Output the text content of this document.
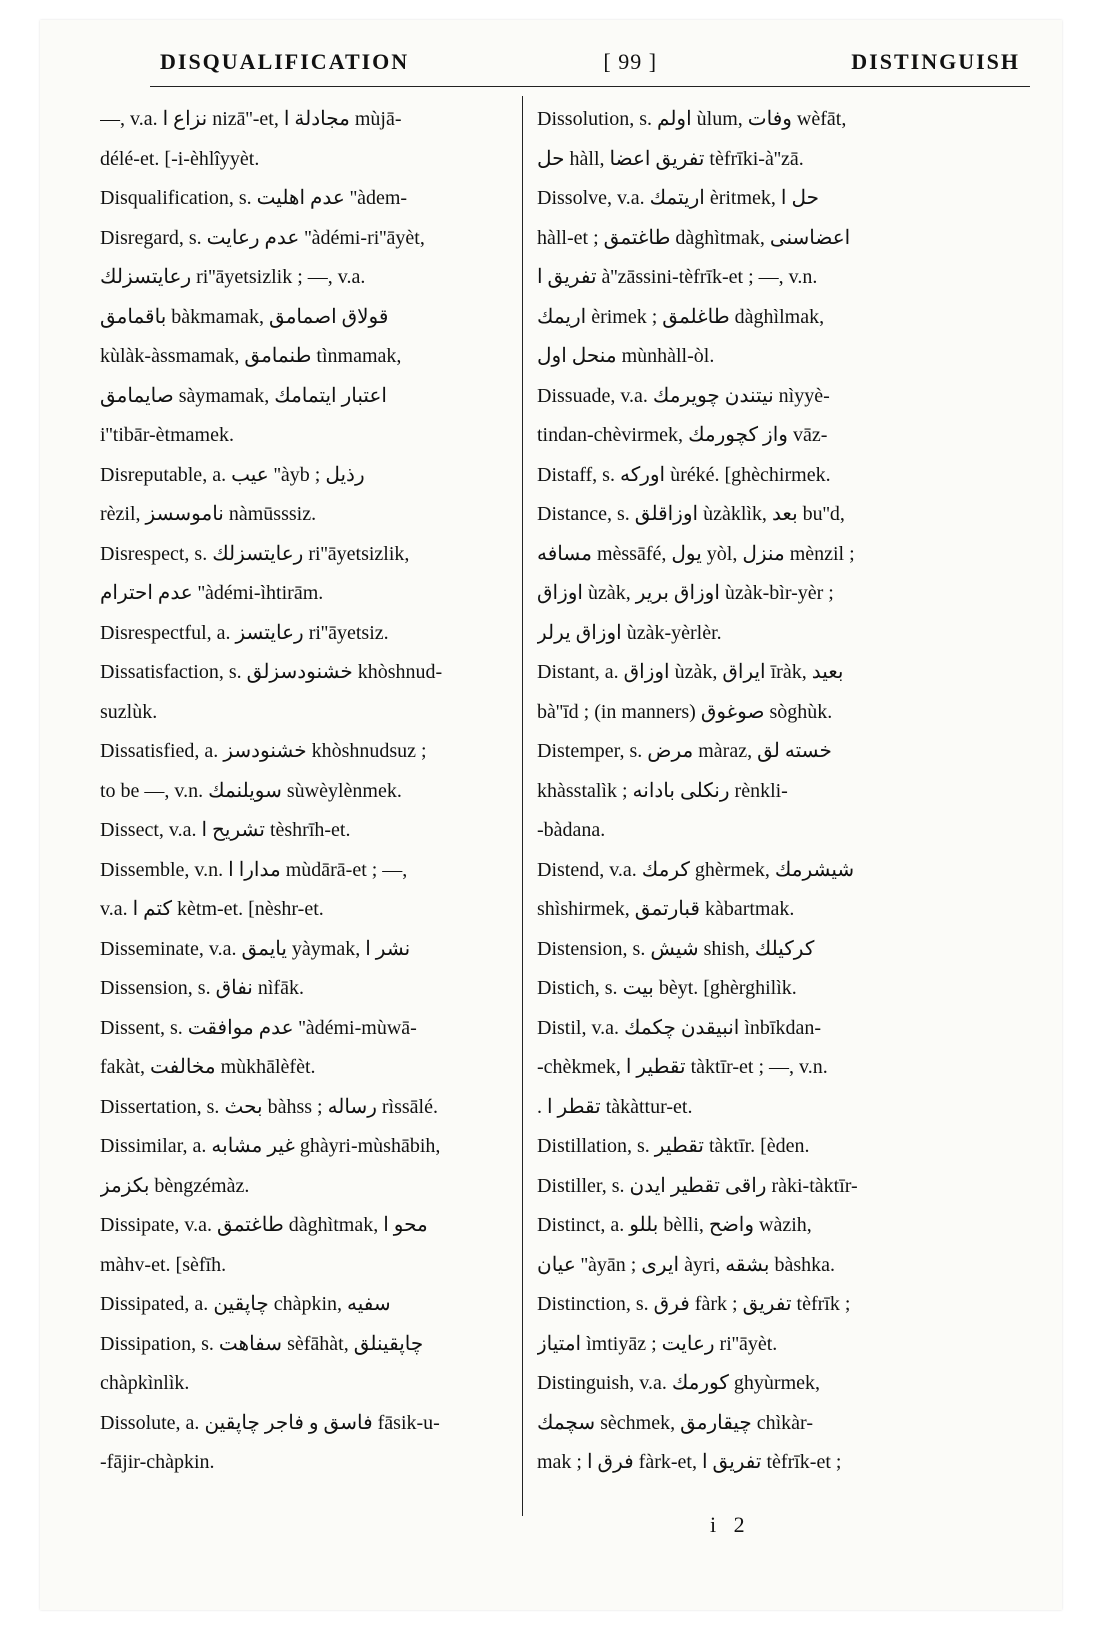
DISQUALIFICATION	[ 99 ]	DISTINGUISH
—, v.a. نزاع ا nizā''-et, مجادلة ا mùjā-
délé-et. [-i-èhlîyyèt.
Disqualification, s. عدم اهلیت ''àdem-
Disregard, s. عدم رعایت ''àdémi-ri''āyèt,
رعایتسزلك ri''āyetsizlik ; —, v.a.
باقمامق bàkmamak, قولاق اصمامق
kùlàk-àssmamak, طنمامق tìnmamak,
صایمامق sàymamak, اعتبار ایتمامك
i''tibār-ètmamek.
Disreputable, a. عیب ''àyb ; رذیل
rèzil, ناموسسز nàmūsssiz.
Disrespect, s. رعایتسزلك ri''āyetsizlik,
عدم احترام ''àdémi-ìhtirām.
Disrespectful, a. رعایتسز ri''āyetsiz.
Dissatisfaction, s. خشنودسزلق khòshnud-
suzlùk.
Dissatisfied, a. خشنودسز khòshnudsuz ;
to be —, v.n. سویلنمك sùwèylènmek.
Dissect, v.a. تشریح ا tèshrīh-et.
Dissemble, v.n. مدارا ا mùdārā-et ; —,
v.a. كتم ا kètm-et. [nèshr-et.
Disseminate, v.a. یایمق yàymak, نشر ا
Dissension, s. نفاق nìfāk.
Dissent, s. عدم موافقت ''àdémi-mùwā-
fakàt, مخالفت mùkhālèfèt.
Dissertation, s. بحث bàhss ; رساله rìssālé.
Dissimilar, a. غیر مشابه ghàyri-mùshābih,
بكزمز bèngzémàz.
Dissipate, v.a. طاغتمق dàghìtmak, محو ا
màhv-et. [sèfīh.
Dissipated, a. چاپقین chàpkin, سفیه
Dissipation, s. سفاهت sèfāhàt, چاپقینلق
chàpkìnlìk.
Dissolute, a. فاسق و فاجر چاپقین fāsik-u-
-fājir-chàpkin.
Dissolution, s. اولم ùlum, وفات wèfāt,
حل hàll, تفریق اعضا tèfrīki-à''zā.
Dissolve, v.a. اریتمك èritmek, حل ا
hàll-et ; طاغتمق dàghìtmak, اعضاسنی
تفریق ا à''zāssini-tèfrīk-et ; —, v.n.
اریمك èrimek ; طاغلمق dàghìlmak,
منحل اول mùnhàll-òl.
Dissuade, v.a. نیتندن چویرمك nìyyè-
tindan-chèvirmek, واز كچورمك vāz-
Distaff, s. اوركه ùréké. [ghèchirmek.
Distance, s. اوزاقلق ùzàklìk, بعد bu''d,
مسافه mèssāfé, یول yòl, منزل mènzil ;
اوزاق ùzàk, اوزاق بریر ùzàk-bìr-yèr ;
اوزاق یرلر ùzàk-yèrlèr.
Distant, a. اوزاق ùzàk, ایراق īràk, بعید
bà''īd ; (in manners) صوغوق sòghùk.
Distemper, s. مرض màraz, خسته لق
khàsstalìk ; رنكلی بادانه rènkli-
-bàdana.
Distend, v.a. كرمك ghèrmek, شیشرمك
shìshirmek, قبارتمق kàbartmak.
Distension, s. شیش shish, كركیلك
Distich, s. بیت bèyt. [ghèrghilìk.
Distil, v.a. انبیقدن چكمك ìnbīkdan-
-chèkmek, تقطیر ا tàktīr-et ; —, v.n.
. تقطر ا tàkàttur-et.
Distillation, s. تقطیر tàktīr. [èden.
Distiller, s. راقی تقطیر ایدن ràki-tàktīr-
Distinct, a. بللو bèlli, واضح wàzih,
عیان ''àyān ; ایری àyri, بشقه bàshka.
Distinction, s. فرق fàrk ; تفریق tèfrīk ;
امتیاز ìmtiyāz ; رعایت ri''āyèt.
Distinguish, v.a. كورمك ghyùrmek,
سچمك sèchmek, چیقارمق chìkàr-
mak ; فرق ا fàrk-et, تفریق ا tèfrīk-et ;
i 2
